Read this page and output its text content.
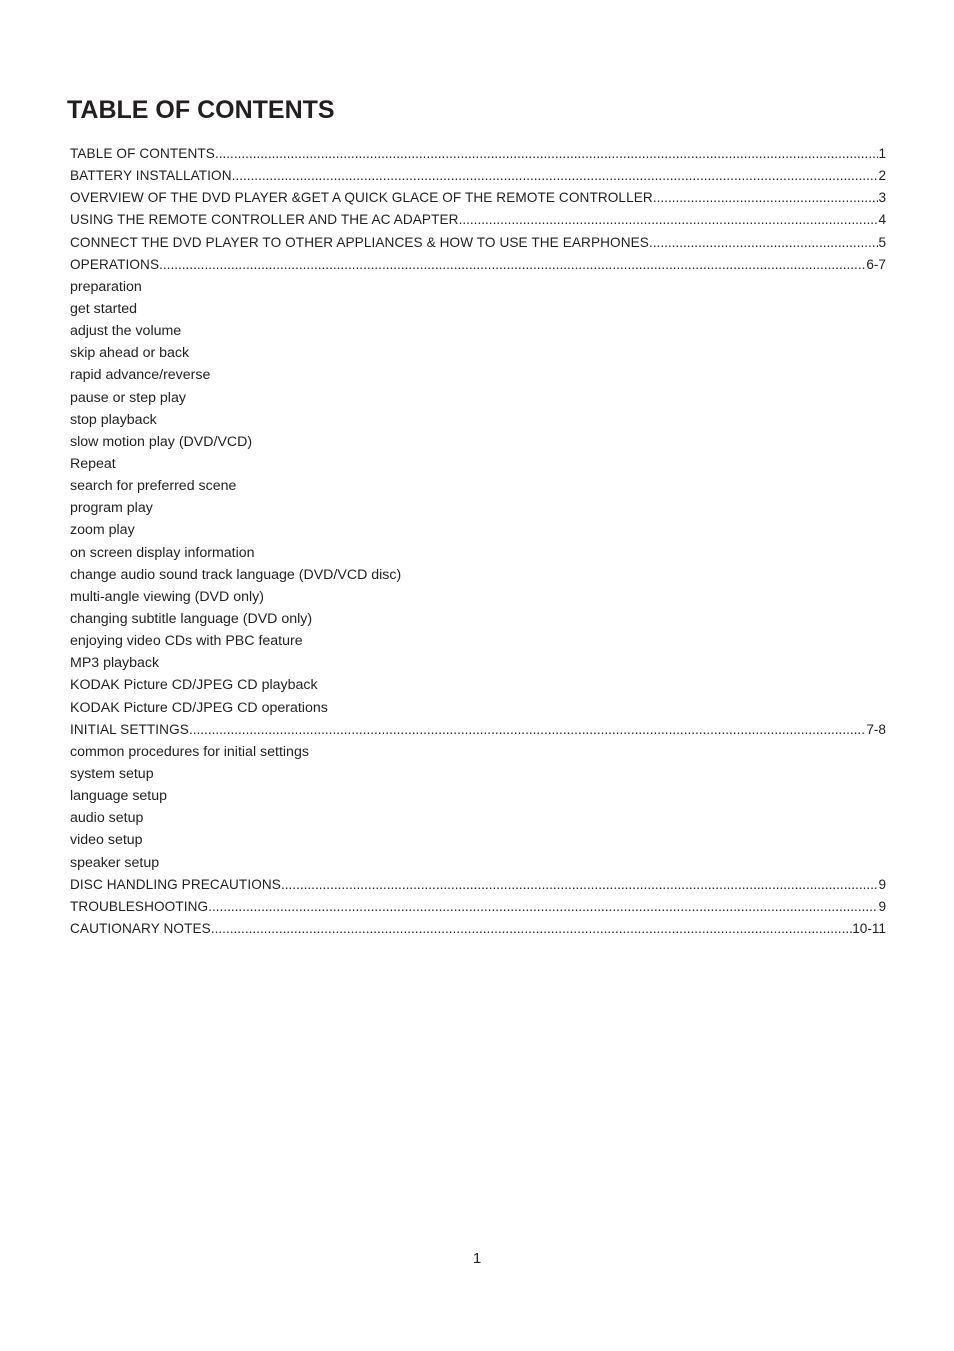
TABLE OF CONTENTS
TABLE OF CONTENTS .....	1
BATTERY INSTALLATION .....	2
OVERVIEW OF THE DVD PLAYER &GET A QUICK GLACE OF THE REMOTE CONTROLLER .....	3
USING THE REMOTE CONTROLLER AND THE AC ADAPTER .....	4
CONNECT THE DVD PLAYER TO OTHER APPLIANCES & HOW TO USE THE EARPHONES .....	5
OPERATIONS .....	6-7
preparation
get started
adjust the volume
skip ahead or back
rapid advance/reverse
pause or step play
stop playback
slow motion play (DVD/VCD)
Repeat
search for preferred scene
program play
zoom play
on screen display information
change audio sound track language (DVD/VCD disc)
multi-angle viewing (DVD only)
changing subtitle language (DVD only)
enjoying video CDs with PBC feature
MP3 playback
KODAK Picture CD/JPEG CD playback
KODAK Picture CD/JPEG CD operations
INITIAL SETTINGS .....	7-8
common procedures for initial settings
system setup
language setup
audio setup
video setup
speaker setup
DISC HANDLING PRECAUTIONS .....	9
TROUBLESHOOTING .....	9
CAUTIONARY NOTES .....	10-11
1
